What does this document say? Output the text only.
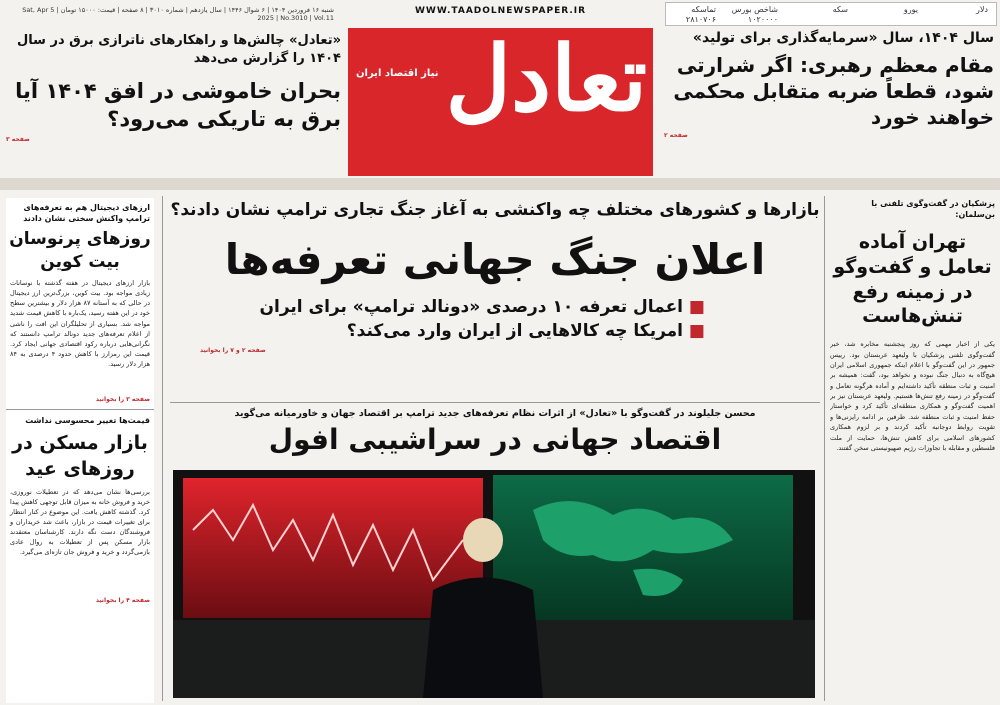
شنبه ۱۶ فروردین ۱۴۰۴ | ۶ شوال ۱۴۴۶ | سال یازدهم | شماره ۳۰۱۰ | ۸ صفحه | قیمت: ۱۵۰۰۰ تومان | Sat, Apr 5 2025 | No.3010 | Vol.11
دلار
یورو
سکه
شاخص بورس
تماسکه
۱۰۲۰۰۰۰
۲۸۱۰۷۰۶
WWW.TAADOLNEWSPAPER.IR
تعادل
نیاز اقتصاد ایران
سال ۱۴۰۴، سال «سرمایه‌گذاری برای تولید»
مقام معظم رهبری: اگر شرارتی شود، قطعاً ضربه متقابل محکمی خواهند خورد
صفحه ۲
«تعادل» چالش‌ها و راهکارهای ناترازی برق در سال ۱۴۰۴ را گزارش می‌دهد
بحران خاموشی در افق ۱۴۰۴ آیا برق به تاریکی می‌رود؟
صفحه ۳
پزشکیان در گفت‌وگوی تلفنی با بن‌سلمان:
تهران آماده تعامل و گفت‌وگو در زمینه رفع تنش‌هاست
یکی از اخبار مهمی که روز پنجشنبه مخابره شد، خبر گفت‌وگوی تلفنی پزشکیان با ولیعهد عربستان بود. رییس جمهور در این گفت‌وگو با اعلام اینکه جمهوری اسلامی ایران هیچ‌گاه به دنبال جنگ نبوده و نخواهد بود، گفت: همیشه بر امنیت و ثبات منطقه تأکید داشته‌ایم و آماده هرگونه تعامل و گفت‌وگو در زمینه رفع تنش‌ها هستیم. ولیعهد عربستان نیز بر اهمیت گفت‌وگو و همکاری منطقه‌ای تأکید کرد و خواستار حفظ امنیت و ثبات منطقه شد. طرفین بر ادامه رایزنی‌ها و تقویت روابط دوجانبه تأکید کردند و بر لزوم همکاری کشورهای اسلامی برای کاهش تنش‌ها، حمایت از ملت فلسطین و مقابله با تجاوزات رژیم صهیونیستی سخن گفتند.
ارزهای دیجیتال هم به تعرفه‌های ترامپ واکنش سختی نشان دادند
روزهای پرنوسان بیت کوین
بازار ارزهای دیجیتال در هفته گذشته با نوسانات زیادی مواجه بود. بیت کوین، بزرگ‌ترین ارز دیجیتال در حالی که به آستانه ۸۷ هزار دلار و بیشترین سطح خود در این هفته رسید، یک‌باره با کاهش قیمت شدید مواجه شد. بسیاری از تحلیلگران این افت را ناشی از اعلام تعرفه‌های جدید دونالد ترامپ دانستند که نگرانی‌هایی درباره رکود اقتصادی جهانی ایجاد کرد. قیمت این رمزارز با کاهش حدود ۴ درصدی به ۸۴ هزار دلار رسید.
صفحه ۳ را بخوانید
قیمت‌ها تغییر محسوسی نداشت
بازار مسکن در روزهای عید
بررسی‌ها نشان می‌دهد که در تعطیلات نوروزی، خرید و فروش خانه به میزان قابل توجهی کاهش پیدا کرد. گذشته کاهش یافت. این موضوع در کنار انتظار برای تغییرات قیمت در بازار، باعث شد خریداران و فروشندگان دست نگه دارند. کارشناسان معتقدند بازار مسکن پس از تعطیلات به روال عادی بازمی‌گردد و خرید و فروش جان تازه‌ای می‌گیرد.
صفحه ۴ را بخوانید
بازارها و کشورهای مختلف چه واکنشی به آغاز جنگ تجاری ترامپ نشان دادند؟
اعلان جنگ جهانی تعرفه‌ها
■ اعمال تعرفه ۱۰ درصدی «دونالد ترامپ» برای ایران
■ امریکا چه کالاهایی از ایران وارد می‌کند؟
صفحه ۲ و ۷ را بخوانید
محسن جلیلوند در گفت‌وگو با «تعادل» از اثرات نظام تعرفه‌های جدید ترامپ بر اقتصاد جهان و خاورمیانه می‌گوید
اقتصاد جهانی در سراشیبی افول
